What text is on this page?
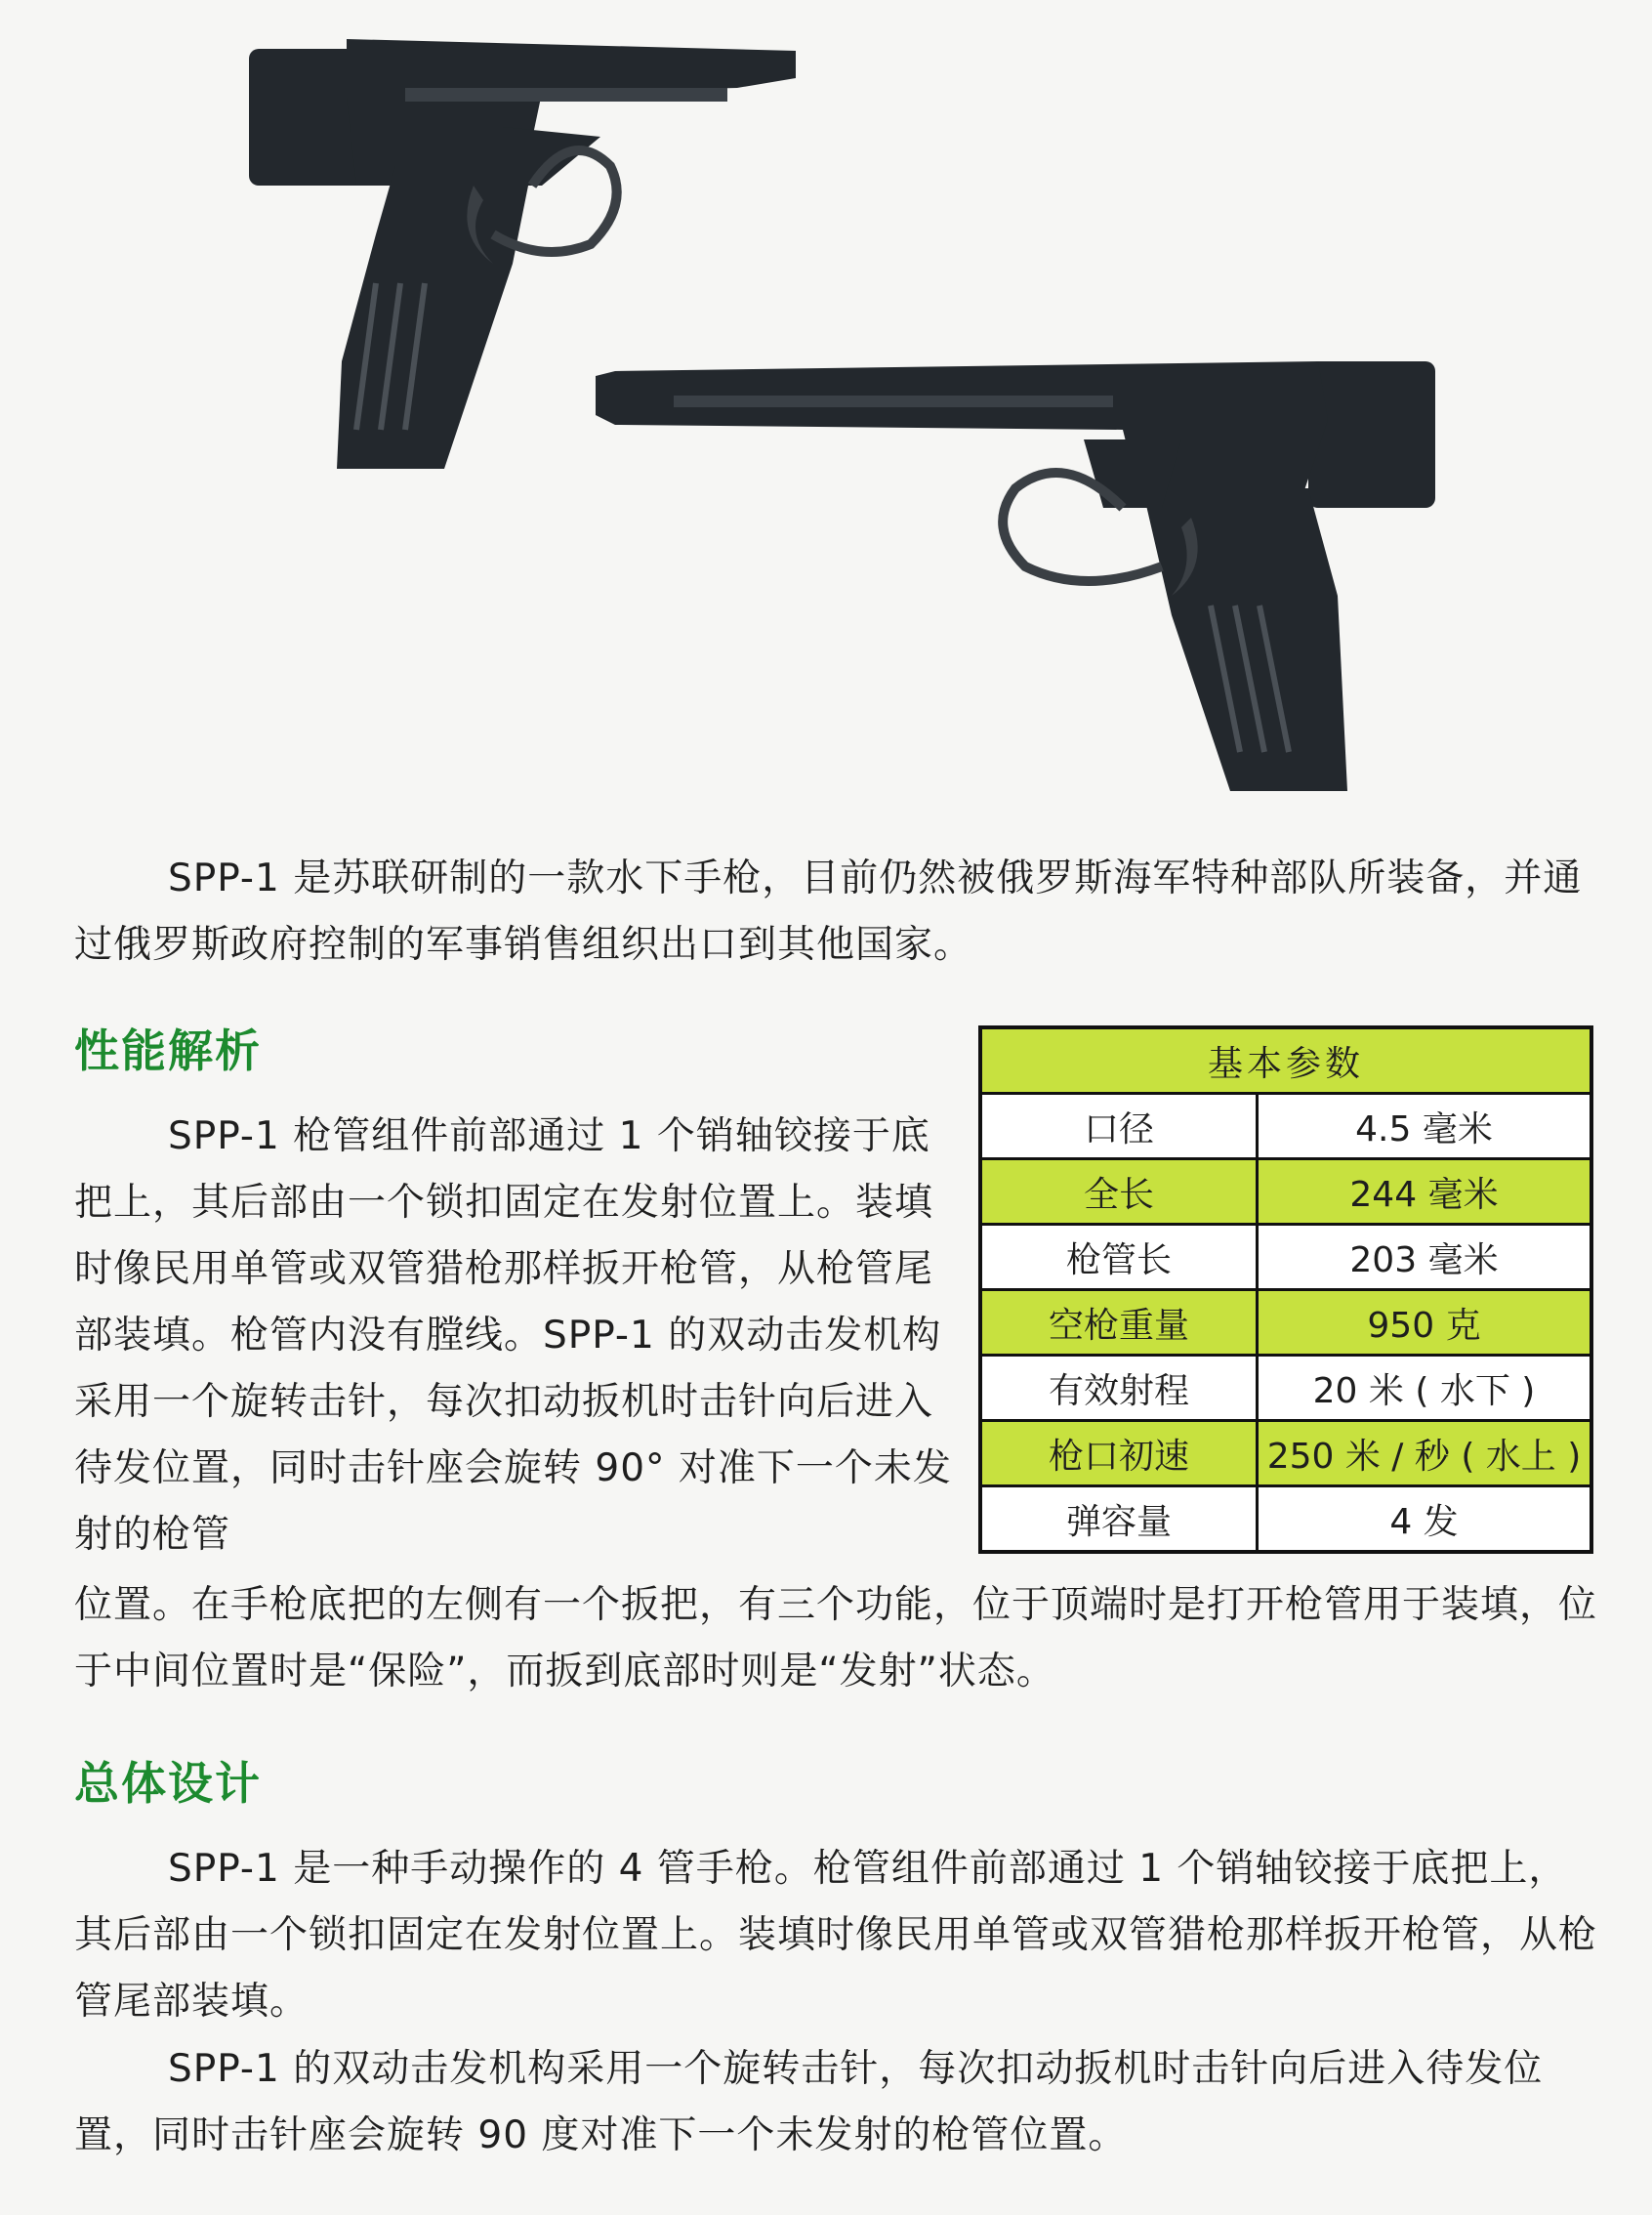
SPP-1 是苏联研制的一款水下手枪，目前仍然被俄罗斯海军特种部队所装备，并通过俄罗斯政府控制的军事销售组织出口到其他国家。

性能解析

SPP-1 枪管组件前部通过 1 个销轴铰接于底把上，其后部由一个锁扣固定在发射位置上。装填时像民用单管或双管猎枪那样扳开枪管，从枪管尾部装填。枪管内没有膛线。SPP-1 的双动击发机构采用一个旋转击针，每次扣动扳机时击针向后进入待发位置，同时击针座会旋转 90° 对准下一个未发射的枪管

位置。在手枪底把的左侧有一个扳把，有三个功能，位于顶端时是打开枪管用于装填，位于中间位置时是“保险”，而扳到底部时则是“发射”状态。

基本参数	
口径	4.5 毫米
全长	244 毫米
枪管长	203 毫米
空枪重量	950 克
有效射程	20 米 ( 水下 )
枪口初速	250 米 / 秒 ( 水上 )
弹容量	4 发
总体设计

SPP-1 是一种手动操作的 4 管手枪。枪管组件前部通过 1 个销轴铰接于底把上，其后部由一个锁扣固定在发射位置上。装填时像民用单管或双管猎枪那样扳开枪管，从枪管尾部装填。

SPP-1 的双动击发机构采用一个旋转击针，每次扣动扳机时击针向后进入待发位置，同时击针座会旋转 90 度对准下一个未发射的枪管位置。
